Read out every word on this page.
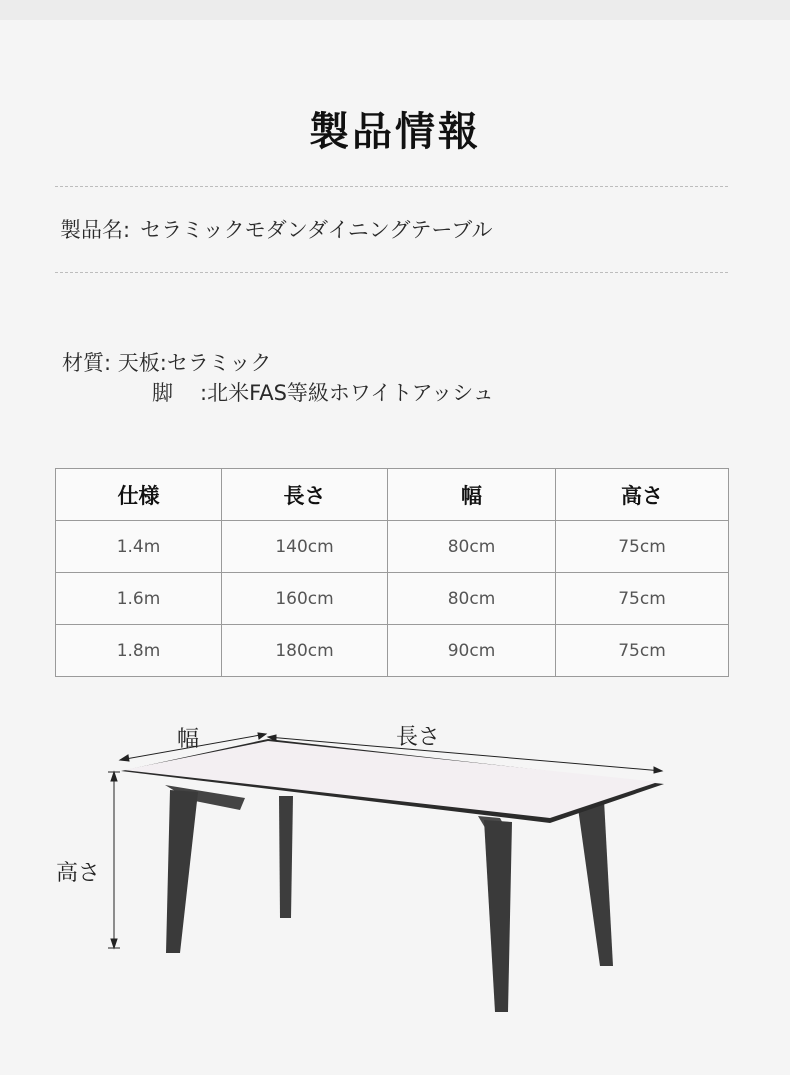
製品情報
製品名: セラミックモダンダイニングテーブル
材質: 天板:セラミック
脚 :北米FAS等級ホワイトアッシュ
仕様	長さ	幅	高さ
1.4m	140cm	80cm	75cm
1.6m	160cm	80cm	75cm
1.8m	180cm	90cm	75cm
幅	長さ
高さ
